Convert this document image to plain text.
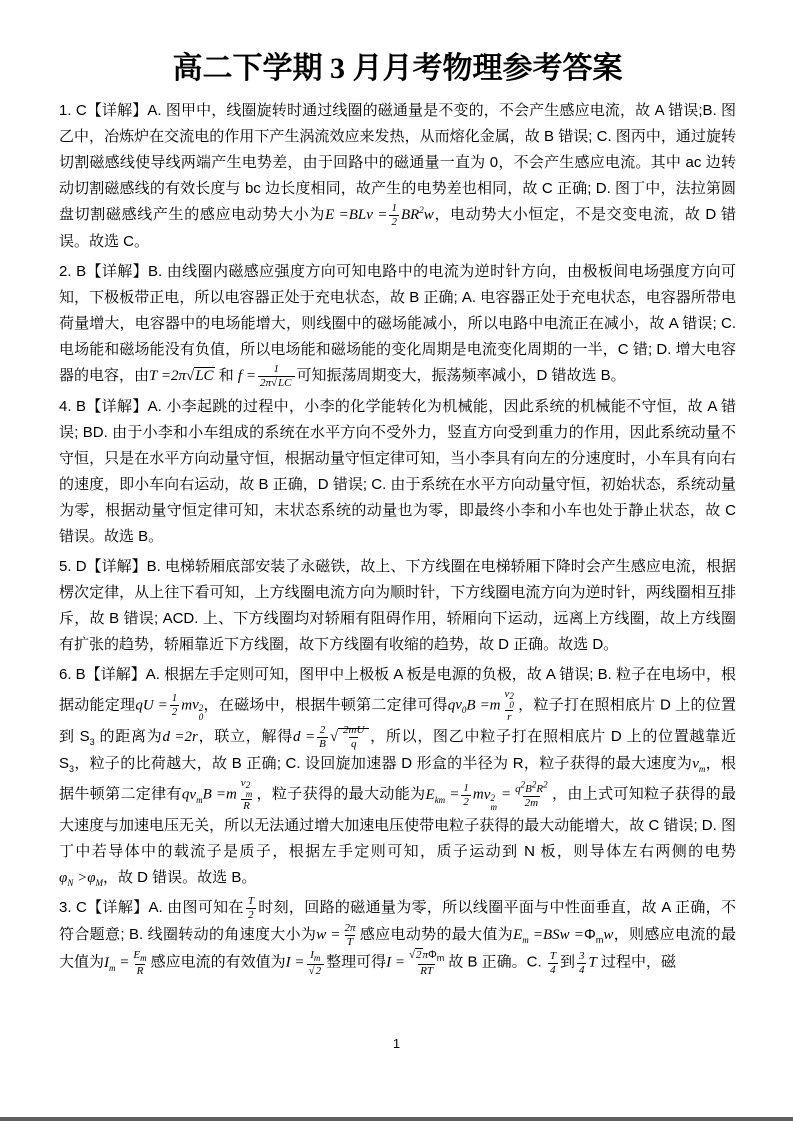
高二下学期 3 月月考物理参考答案

1. C【详解】A. 图甲中，线圈旋转时通过线圈的磁通量是不变的，不会产生感应电流，故 A 错误;B. 图乙中，冶炼炉在交流电的作用下产生涡流效应来发热，从而熔化金属，故 B 错误; C. 图丙中，通过旋转切割磁感线使导线两端产生电势差，由于回路中的磁通量一直为 0，不会产生感应电流。其中 ac 边转动切割磁感线的有效长度与 bc 边长度相同，故产生的电势差也相同，故 C 正确; D. 图丁中，法拉第圆盘切割磁感线产生的感应电动势大小为$E =BLv = \frac{1}{2} BR^2w$，电动势大小恒定，不是交变电流，故 D 错误。故选 C。

2. B【详解】B. 由线圈内磁感应强度方向可知电路中的电流为逆时针方向，由极板间电场强度方向可知，下极板带正电，所以电容器正处于充电状态，故 B 正确; A. 电容器正处于充电状态，电容器所带电荷量增大，电容器中的电场能增大，则线圈中的磁场能减小，所以电路中电流正在减小，故 A 错误; C. 电场能和磁场能没有负值，所以电场能和磁场能的变化周期是电流变化周期的一半，C 错; D. 增大电容器的电容，由T =2π√LC 和 $f = \frac{1}{2\pi√LC}$ 可知振荡周期变大，振荡频率减小，D 错故选 B。

4. B【详解】A. 小李起跳的过程中，小李的化学能转化为机械能，因此系统的机械能不守恒，故 A 错误; BD. 由于小李和小车组成的系统在水平方向不受外力，竖直方向受到重力的作用，因此系统动量不守恒，只是在水平方向动量守恒，根据动量守恒定律可知，当小李具有向左的分速度时，小车具有向右的速度，即小车向右运动，故 B 正确，D 错误; C. 由于系统在水平方向动量守恒，初始状态，系统动量为零，根据动量守恒定律可知，末状态系统的动量也为零，即最终小李和小车也处于静止状态，故 C 错误。故选 B。

5. D【详解】B. 电梯轿厢底部安装了永磁铁，故上、下方线圈在电梯轿厢下降时会产生感应电流，根据楞次定律，从上往下看可知，上方线圈电流方向为顺时针，下方线圈电流方向为逆时针，两线圈相互排斥，故 B 错误; ACD. 上、下方线圈均对轿厢有阻碍作用，轿厢向下运动，远离上方线圈，故上方线圈有扩张的趋势，轿厢靠近下方线圈，故下方线圈有收缩的趋势，故 D 正确。故选 D。

6. B【详解】A. 根据左手定则可知，图甲中上极板 A 板是电源的负极，故 A 错误; B. 粒子在电场中，根据动能定理qU = $\frac{1}{2}$ mv 2
0
，在磁场中，根据牛顿第二定律可得$qv_0B =m$ v 2
0
r ，粒子打在照相底片 D 上的位置到 $S_3$ 的距离为d =2r，联立，解得$d = \frac{2}{B}$ √ $\frac{2mU}{q}$ ，所以，图乙中粒子打在照相底片 D 上的位置越靠近 $S_3$，粒子的比荷越大，故 B 正确; C. 设回旋加速器 D 形盒的半径为 R，粒子获得的最大速度为$v_m$，根据牛顿第二定律有$qv_mB =m$ v 2
m
R ，粒子获得的最大动能为$E_{km} = \frac{1}{2}$ mv 2
m
= $\frac{q^2B^2R^2}{2m}$ ，由上式可知粒子获得的最大速度与加速电压无关，所以无法通过增大加速电压使带电粒子获得的最大动能增大，故 C 错误; D. 图丁中若导体中的载流子是质子，根据左手定则可知，质子运动到 N 板，则导体左右两侧的电势$\varphi_N >\varphi_M$，故 D 错误。故选 B。

3. C【详解】A. 由图可知在 $\frac{T}{2}$ 时刻，回路的磁通量为零，所以线圈平面与中性面垂直，故 A 正确，不符合题意; B. 线圈转动的角速度大小为$w = \frac{2\pi}{T}$ 感应电动势的最大值为$E_m =BSw =\Phi_mw$，则感应电流的最大值为$I_m = \frac{E_m}{R}$ 感应电流的有效值为$I = \frac{I_m}{√2}$ 整理可得$I = \frac{√2\pi\Phi_m}{RT}$ 故 B 正确。C. $\frac{T}{4}$ 到 $\frac{3}{4}$ T 过程中，磁

1
